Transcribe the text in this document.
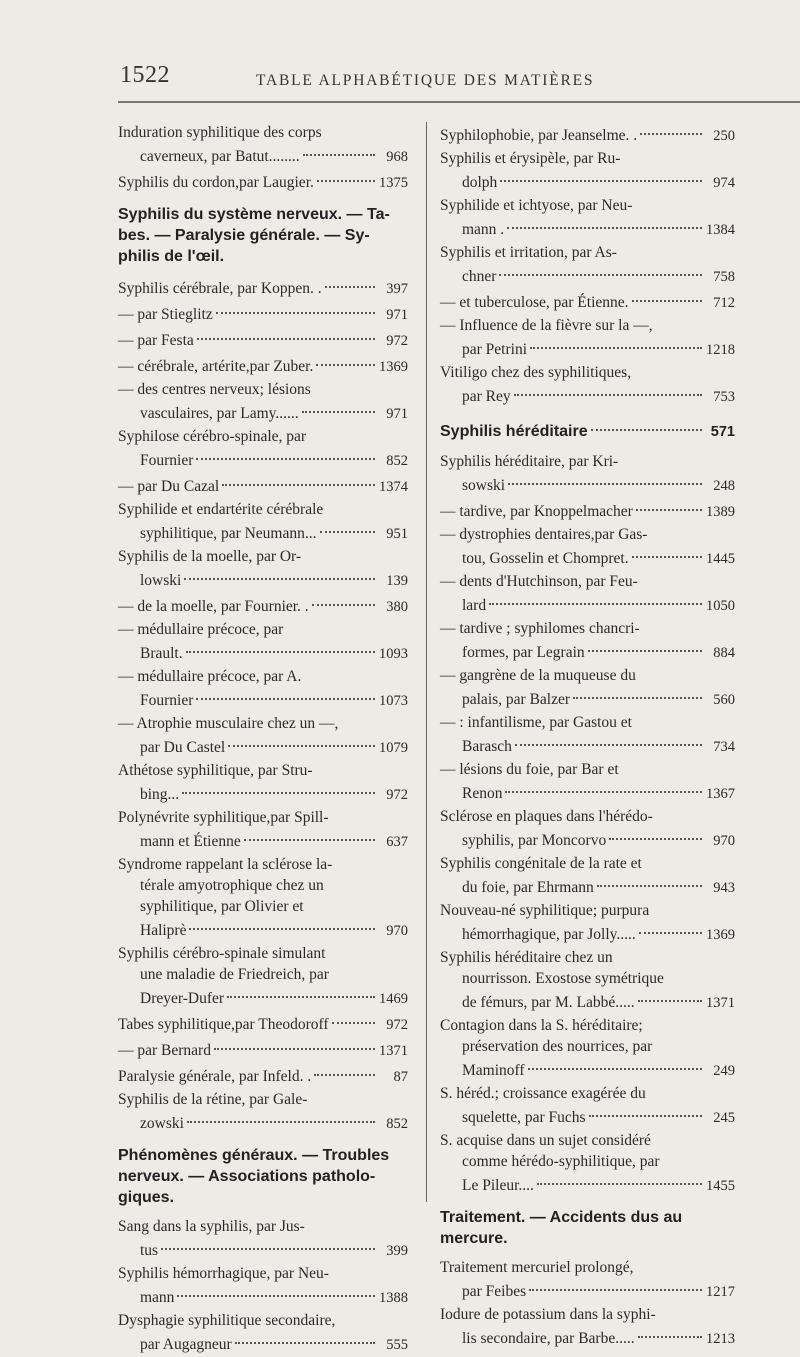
1522	TABLE ALPHABÉTIQUE DES MATIÈRES
Induration syphilitique des corps
caverneux, par Batut........	968
Syphilis du cordon,par Laugier.	1375
Syphilis du système nerveux. — Ta-
bes. — Paralysie générale. — Sy-
philis de l'œil.
Syphilis cérébrale, par Koppen. .	397
— par Stieglitz	971
— par Festa	972
— cérébrale, artérite,par Zuber.	1369
— des centres nerveux; lésions
vasculaires, par Lamy......	971
Syphilose cérébro-spinale, par
Fournier	852
— par Du Cazal	1374
Syphilide et endartérite cérébrale
syphilitique, par Neumann...	951
Syphilis de la moelle, par Or-
lowski	139
— de la moelle, par Fournier. .	380
— médullaire précoce, par
Brault.	1093
— médullaire précoce, par A.
Fournier	1073
— Atrophie musculaire chez un —,
par Du Castel	1079
Athétose syphilitique, par Stru-
bing...	972
Polynévrite syphilitique,par Spill-
mann et Étienne	637
Syndrome rappelant la sclérose la-
térale amyotrophique chez un
syphilitique, par Olivier et
Haliprè	970
Syphilis cérébro-spinale simulant
une maladie de Friedreich, par
Dreyer-Dufer	1469
Tabes syphilitique,par Theodoroff	972
— par Bernard	1371
Paralysie générale, par Infeld. .	87
Syphilis de la rétine, par Gale-
zowski	852
Phénomènes généraux. — Troubles
nerveux. — Associations patholo-
giques.
Sang dans la syphilis, par Jus-
tus	399
Syphilis hémorrhagique, par Neu-
mann	1388
Dysphagie syphilitique secondaire,
par Augagneur	555
Syphilophobie, par Jeanselme. .	250
Syphilis et érysipèle, par Ru-
dolph	974
Syphilide et ichtyose, par Neu-
mann .	1384
Syphilis et irritation, par As-
chner	758
— et tuberculose, par Étienne.	712
— Influence de la fièvre sur la —,
par Petrini	1218
Vitiligo chez des syphilitiques,
par Rey	753
Syphilis héréditaire	571
Syphilis héréditaire, par Kri-
sowski	248
— tardive, par Knoppelmacher	1389
— dystrophies dentaires,par Gas-
tou, Gosselin et Chompret.	1445
— dents d'Hutchinson, par Feu-
lard	1050
— tardive ; syphilomes chancri-
formes, par Legrain	884
— gangrène de la muqueuse du
palais, par Balzer	560
— : infantilisme, par Gastou et
Barasch	734
— lésions du foie, par Bar et
Renon	1367
Sclérose en plaques dans l'hérédo-
syphilis, par Moncorvo	970
Syphilis congénitale de la rate et
du foie, par Ehrmann	943
Nouveau-né syphilitique; purpura
hémorrhagique, par Jolly.....	1369
Syphilis héréditaire chez un
nourrisson. Exostose symétrique
de fémurs, par M. Labbé.....	1371
Contagion dans la S. héréditaire;
préservation des nourrices, par
Maminoff	249
S. héréd.; croissance exagérée du
squelette, par Fuchs	245
S. acquise dans un sujet considéré
comme hérédo-syphilitique, par
Le Pileur....	1455
Traitement. — Accidents dus au
mercure.
Traitement mercuriel prolongé,
par Feibes	1217
Iodure de potassium dans la syphi-
lis secondaire, par Barbe.....	1213
